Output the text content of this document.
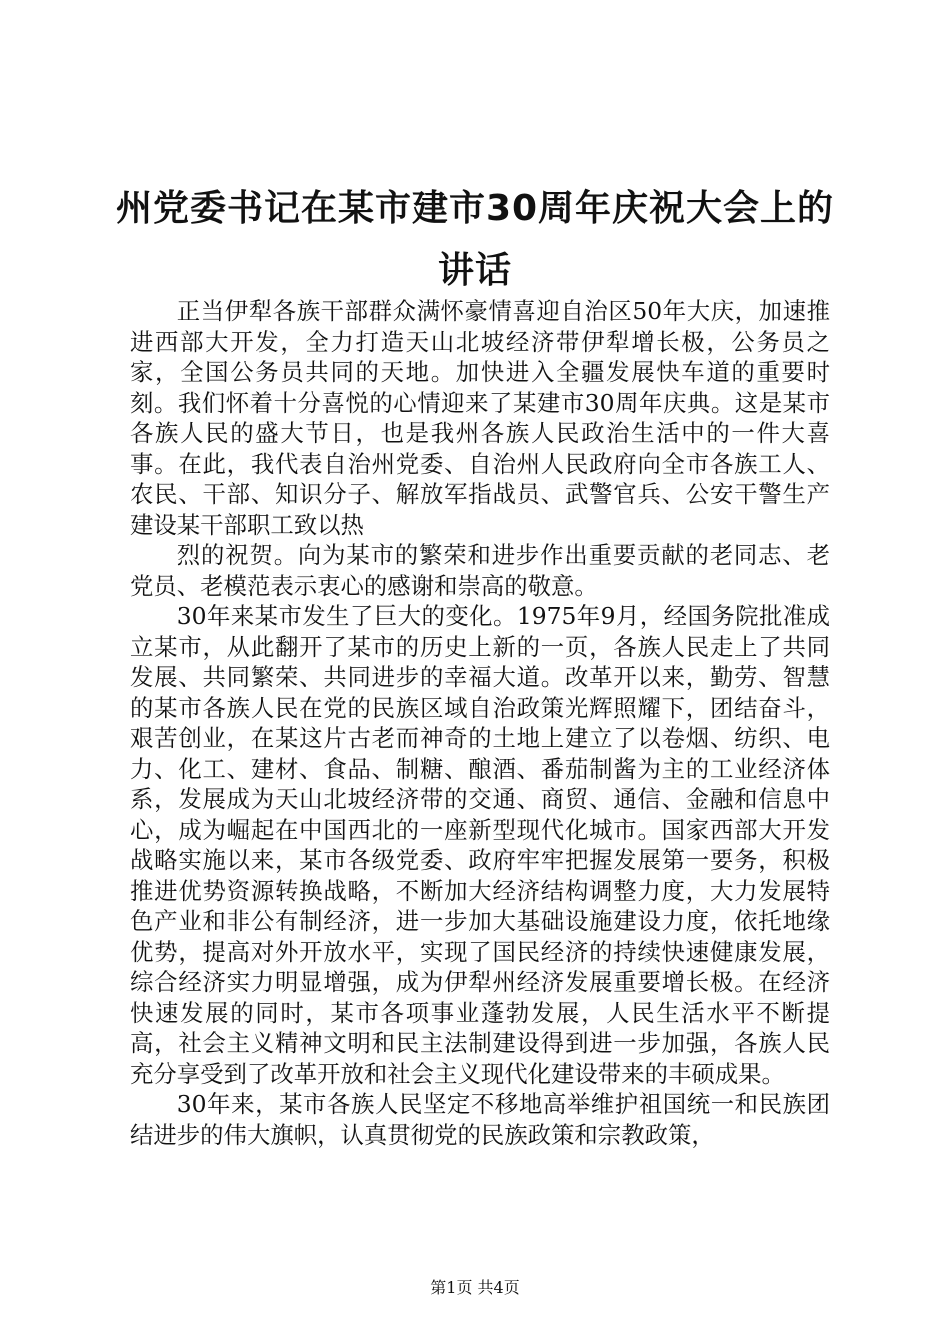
州党委书记在某市建市30周年庆祝大会上的
讲话

正当伊犁各族干部群众满怀豪情喜迎自治区50年大庆，加速推进西部大开发，全力打造天山北坡经济带伊犁增长极，公务员之家，全国公务员共同的天地。加快进入全疆发展快车道的重要时刻。我们怀着十分喜悦的心情迎来了某建市30周年庆典。这是某市各族人民的盛大节日，也是我州各族人民政治生活中的一件大喜事。在此，我代表自治州党委、自治州人民政府向全市各族工人、农民、干部、知识分子、解放军指战员、武警官兵、公安干警生产建设某干部职工致以热

烈的祝贺。向为某市的繁荣和进步作出重要贡献的老同志、老党员、老模范表示衷心的感谢和崇高的敬意。

30年来某市发生了巨大的变化。1975年9月，经国务院批准成立某市，从此翻开了某市的历史上新的一页，各族人民走上了共同发展、共同繁荣、共同进步的幸福大道。改革开以来，勤劳、智慧的某市各族人民在党的民族区域自治政策光辉照耀下，团结奋斗，艰苦创业，在某这片古老而神奇的土地上建立了以卷烟、纺织、电力、化工、建材、食品、制糖、酿酒、番茄制酱为主的工业经济体系，发展成为天山北坡经济带的交通、商贸、通信、金融和信息中心，成为崛起在中国西北的一座新型现代化城市。国家西部大开发战略实施以来，某市各级党委、政府牢牢把握发展第一要务，积极推进优势资源转换战略，不断加大经济结构调整力度，大力发展特色产业和非公有制经济，进一步加大基础设施建设力度，依托地缘优势，提高对外开放水平，实现了国民经济的持续快速健康发展，综合经济实力明显增强，成为伊犁州经济发展重要增长极。在经济快速发展的同时，某市各项事业蓬勃发展，人民生活水平不断提高，社会主义精神文明和民主法制建设得到进一步加强，各族人民充分享受到了改革开放和社会主义现代化建设带来的丰硕成果。

30年来，某市各族人民坚定不移地高举维护祖国统一和民族团结进步的伟大旗帜，认真贯彻党的民族政策和宗教政策，

第1页 共4页
